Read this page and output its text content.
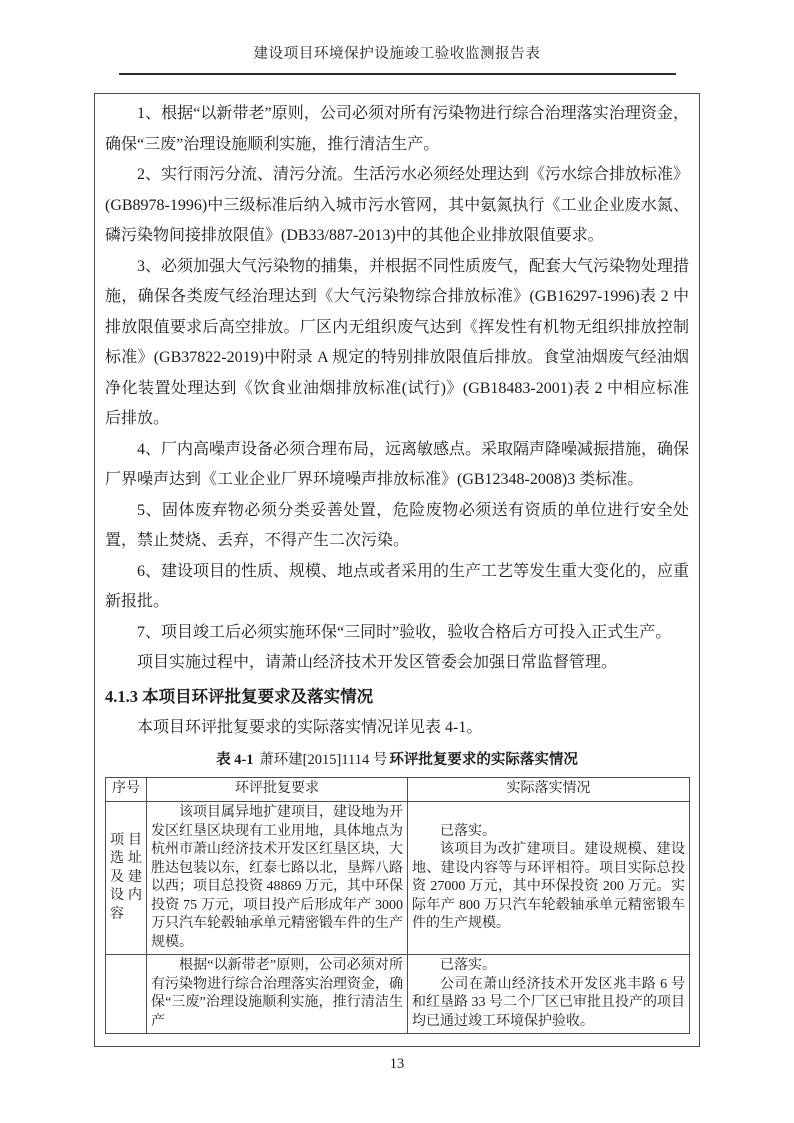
建设项目环境保护设施竣工验收监测报告表

1、根据“以新带老”原则，公司必须对所有污染物进行综合治理落实治理资金，确保“三废”治理设施顺利实施，推行清洁生产。

2、实行雨污分流、清污分流。生活污水必须经处理达到《污水综合排放标准》(GB8978-1996)中三级标准后纳入城市污水管网，其中氨氮执行《工业企业废水氮、磷污染物间接排放限值》(DB33/887-2013)中的其他企业排放限值要求。

3、必须加强大气污染物的捕集，并根据不同性质废气，配套大气污染物处理措施，确保各类废气经治理达到《大气污染物综合排放标准》(GB16297-1996)表 2 中排放限值要求后高空排放。厂区内无组织废气达到《挥发性有机物无组织排放控制标准》(GB37822-2019)中附录 A 规定的特别排放限值后排放。食堂油烟废气经油烟净化装置处理达到《饮食业油烟排放标准(试行)》(GB18483-2001)表 2 中相应标准后排放。

4、厂内高噪声设备必须合理布局，远离敏感点。采取隔声降噪减振措施，确保厂界噪声达到《工业企业厂界环境噪声排放标准》(GB12348-2008)3 类标准。

5、固体废弃物必须分类妥善处置，危险废物必须送有资质的单位进行安全处置，禁止焚烧、丢弃，不得产生二次污染。

6、建设项目的性质、规模、地点或者采用的生产工艺等发生重大变化的，应重新报批。

7、项目竣工后必须实施环保“三同时”验收，验收合格后方可投入正式生产。

项目实施过程中，请萧山经济技术开发区管委会加强日常监督管理。

4.1.3 本项目环评批复要求及落实情况

本项目环评批复要求的实际落实情况详见表 4-1。

表 4-1 萧环建[2015]1114 号 环评批复要求的实际落实情况
序号	环评批复要求	实际落实情况
项目选址及建设内容	该项目属异地扩建项目，建设地为开发区红垦区块现有工业用地，具体地点为杭州市萧山经济技术开发区红垦区块，大胜达包装以东，红泰七路以北，垦辉八路以西；项目总投资 48869 万元，其中环保投资 75 万元，项目投产后形成年产 3000 万只汽车轮毂轴承单元精密锻车件的生产规模。	已落实。

该项目为改扩建项目。建设规模、建设地、建设内容等与环评相符。项目实际总投资 27000 万元，其中环保投资 200 万元。实际年产 800 万只汽车轮毂轴承单元精密锻车件的生产规模。

	根据“以新带老”原则，公司必须对所有污染物进行综合治理落实治理资金，确保“三废”治理设施顺利实施，推行清洁生产	已落实。

公司在萧山经济技术开发区兆丰路 6 号和红垦路 33 号二个厂区已审批且投产的项目均已通过竣工环境保护验收。

13
